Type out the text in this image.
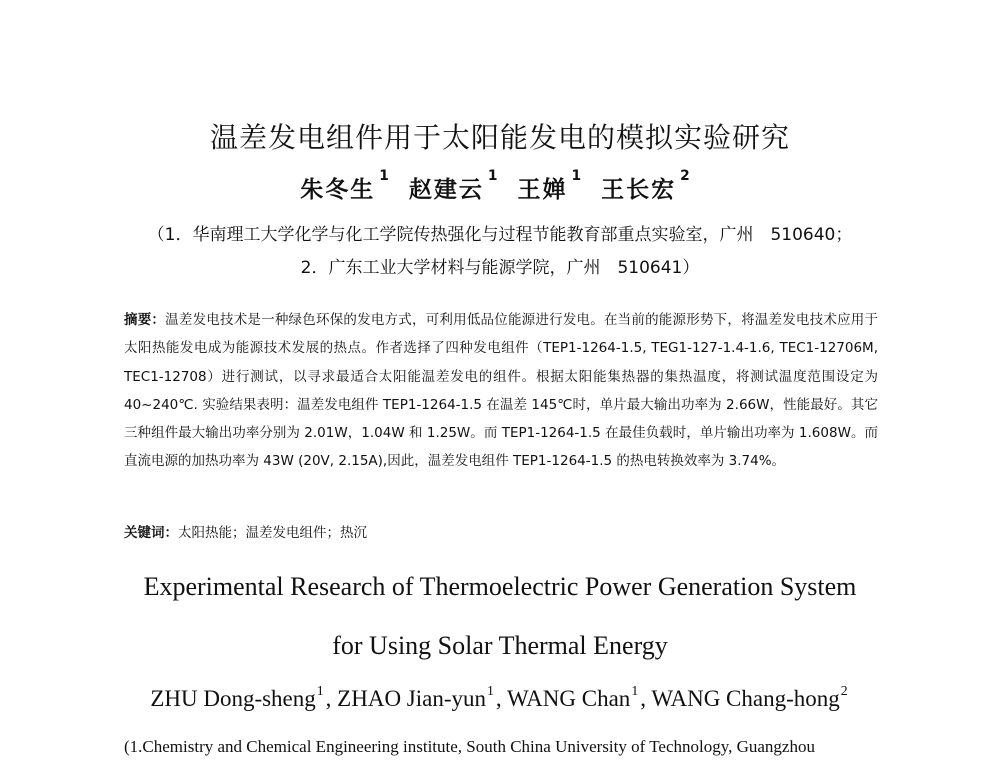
温差发电组件用于太阳能发电的模拟实验研究
朱冬生$^1$ 赵建云$^1$ 王婵$^1$ 王长宏$^2$
（1．华南理工大学化学与化工学院传热强化与过程节能教育部重点实验室，广州　510640；
2．广东工业大学材料与能源学院，广州　510641）
摘要：温差发电技术是一种绿色环保的发电方式，可利用低品位能源进行发电。在当前的能源形势下，将温差发电技术应用于太阳热能发电成为能源技术发展的热点。作者选择了四种发电组件（TEP1-1264-1.5, TEG1-127-1.4-1.6, TEC1-12706M, TEC1-12708）进行测试，以寻求最适合太阳能温差发电的组件。根据太阳能集热器的集热温度，将测试温度范围设定为 40~240℃. 实验结果表明：温差发电组件 TEP1-1264-1.5 在温差 145℃时，单片最大输出功率为 2.66W，性能最好。其它三种组件最大输出功率分别为 2.01W，1.04W 和 1.25W。而 TEP1-1264-1.5 在最佳负载时，单片输出功率为 1.608W。而直流电源的加热功率为 43W (20V, 2.15A),因此，温差发电组件 TEP1-1264-1.5 的热电转换效率为 3.74%。
关键词：太阳热能；温差发电组件；热沉
Experimental Research of Thermoelectric Power Generation System
for Using Solar Thermal Energy
ZHU Dong-sheng$^1$, ZHAO Jian-yun$^1$, WANG Chan$^1$, WANG Chang-hong$^2$
(1.Chemistry and Chemical Engineering institute, South China University of Technology, Guangzhou
